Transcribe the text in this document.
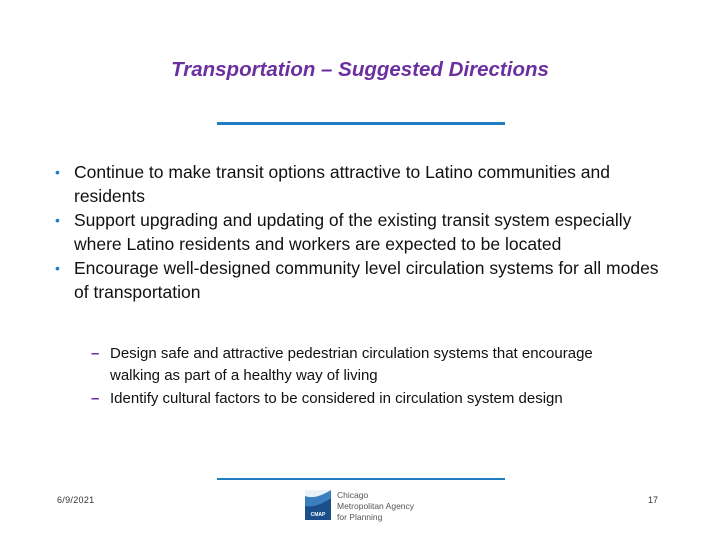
Transportation – Suggested Directions
• Continue to make transit options attractive to Latino communities and residents
• Support upgrading and updating of the existing transit system especially where Latino residents and workers are expected to be located
• Encourage well-designed community level circulation systems for all modes of transportation
– Design safe and attractive pedestrian circulation systems that encourage walking as part of a healthy way of living
– Identify cultural factors to be considered in circulation system design
6/9/2021
CMAP
Chicago Metropolitan Agency for Planning
17
